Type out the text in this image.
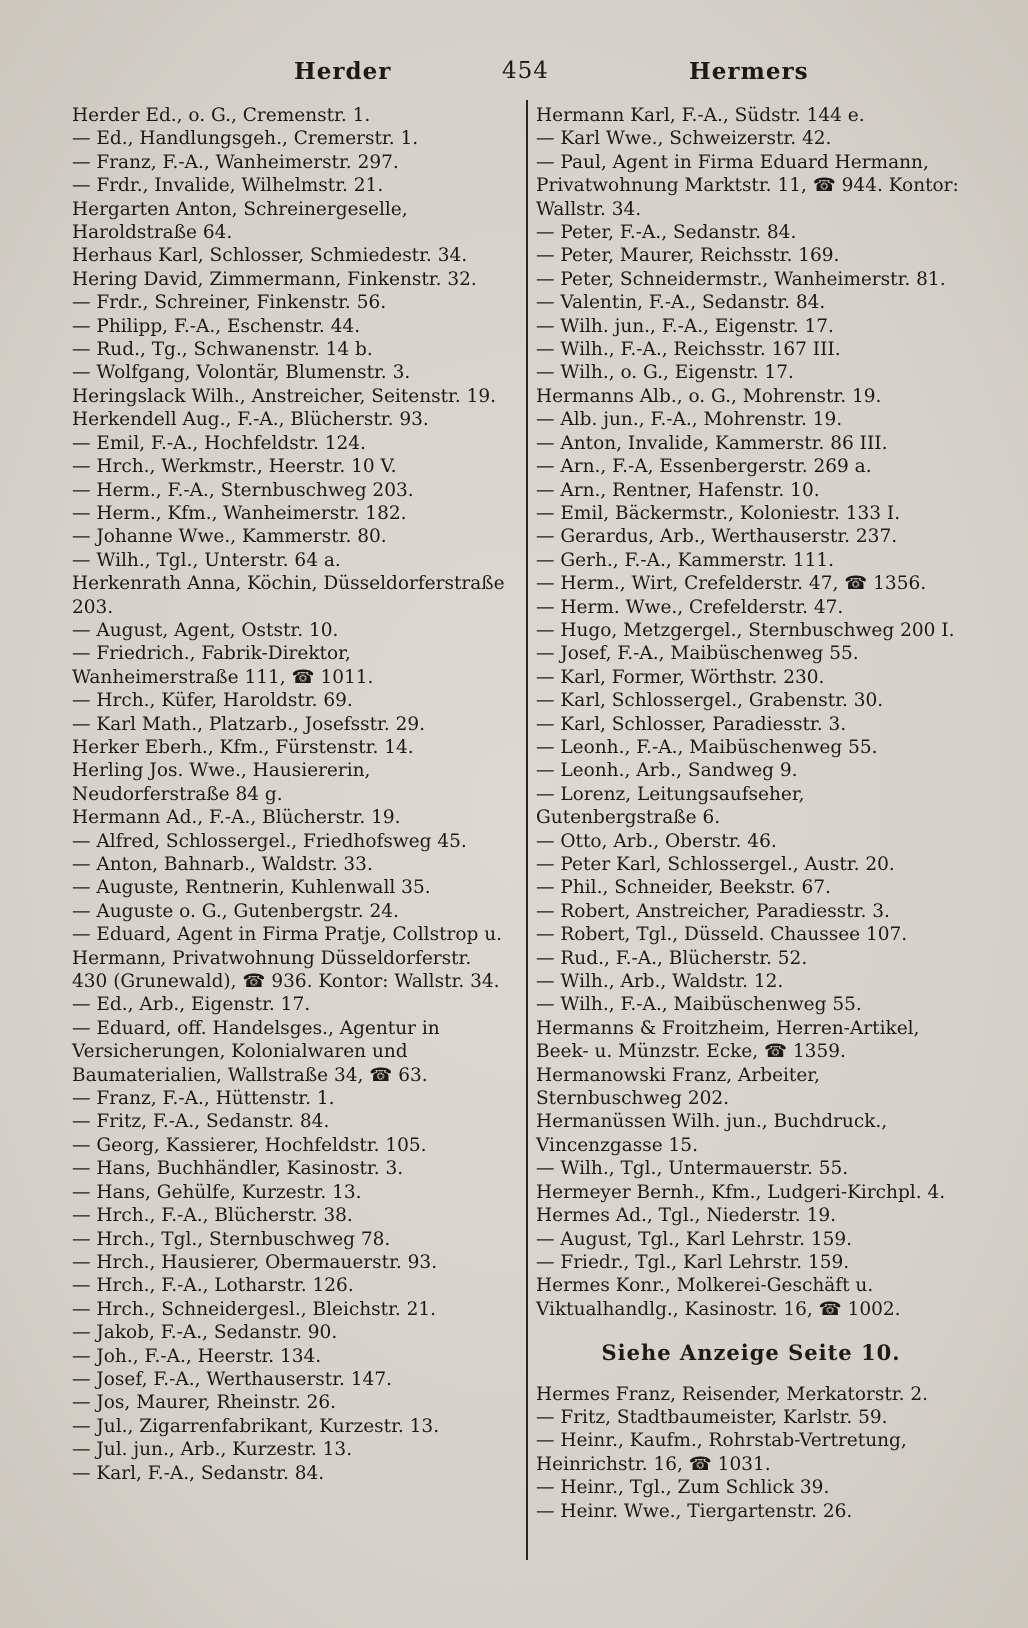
Herder	454	Hermers

Herder Ed., o. G., Cremenstr. 1.

— Ed., Handlungsgeh., Cremerstr. 1.

— Franz, F.-A., Wanheimerstr. 297.

— Frdr., Invalide, Wilhelmstr. 21.

Hergarten Anton, Schreinergeselle, Haroldstraße 64.

Herhaus Karl, Schlosser, Schmiedestr. 34.

Hering David, Zimmermann, Finkenstr. 32.

— Frdr., Schreiner, Finkenstr. 56.

— Philipp, F.-A., Eschenstr. 44.

— Rud., Tg., Schwanenstr. 14 b.

— Wolfgang, Volontär, Blumenstr. 3.

Heringslack Wilh., Anstreicher, Seitenstr. 19.

Herkendell Aug., F.-A., Blücherstr. 93.

— Emil, F.-A., Hochfeldstr. 124.

— Hrch., Werkmstr., Heerstr. 10 V.

— Herm., F.-A., Sternbuschweg 203.

— Herm., Kfm., Wanheimerstr. 182.

— Johanne Wwe., Kammerstr. 80.

— Wilh., Tgl., Unterstr. 64 a.

Herkenrath Anna, Köchin, Düsseldorferstraße 203.

— August, Agent, Oststr. 10.

— Friedrich., Fabrik-Direktor, Wanheimerstraße 111, ☎ 1011.

— Hrch., Küfer, Haroldstr. 69.

— Karl Math., Platzarb., Josefsstr. 29.

Herker Eberh., Kfm., Fürstenstr. 14.

Herling Jos. Wwe., Hausiererin, Neudorferstraße 84 g.

Hermann Ad., F.-A., Blücherstr. 19.

— Alfred, Schlossergel., Friedhofsweg 45.

— Anton, Bahnarb., Waldstr. 33.

— Auguste, Rentnerin, Kuhlenwall 35.

— Auguste o. G., Gutenbergstr. 24.

— Eduard, Agent in Firma Pratje, Collstrop u. Hermann, Privatwohnung Düsseldorferstr. 430 (Grunewald), ☎ 936. Kontor: Wallstr. 34.

— Ed., Arb., Eigenstr. 17.

— Eduard, off. Handelsges., Agentur in Versicherungen, Kolonialwaren und Baumaterialien, Wallstraße 34, ☎ 63.

— Franz, F.-A., Hüttenstr. 1.

— Fritz, F.-A., Sedanstr. 84.

— Georg, Kassierer, Hochfeldstr. 105.

— Hans, Buchhändler, Kasinostr. 3.

— Hans, Gehülfe, Kurzestr. 13.

— Hrch., F.-A., Blücherstr. 38.

— Hrch., Tgl., Sternbuschweg 78.

— Hrch., Hausierer, Obermauerstr. 93.

— Hrch., F.-A., Lotharstr. 126.

— Hrch., Schneidergesl., Bleichstr. 21.

— Jakob, F.-A., Sedanstr. 90.

— Joh., F.-A., Heerstr. 134.

— Josef, F.-A., Werthauserstr. 147.

— Jos, Maurer, Rheinstr. 26.

— Jul., Zigarrenfabrikant, Kurzestr. 13.

— Jul. jun., Arb., Kurzestr. 13.

— Karl, F.-A., Sedanstr. 84.

Hermann Karl, F.-A., Südstr. 144 e.

— Karl Wwe., Schweizerstr. 42.

— Paul, Agent in Firma Eduard Hermann, Privatwohnung Marktstr. 11, ☎ 944. Kontor: Wallstr. 34.

— Peter, F.-A., Sedanstr. 84.

— Peter, Maurer, Reichsstr. 169.

— Peter, Schneidermstr., Wanheimerstr. 81.

— Valentin, F.-A., Sedanstr. 84.

— Wilh. jun., F.-A., Eigenstr. 17.

— Wilh., F.-A., Reichsstr. 167 III.

— Wilh., o. G., Eigenstr. 17.

Hermanns Alb., o. G., Mohrenstr. 19.

— Alb. jun., F.-A., Mohrenstr. 19.

— Anton, Invalide, Kammerstr. 86 III.

— Arn., F.-A, Essenbergerstr. 269 a.

— Arn., Rentner, Hafenstr. 10.

— Emil, Bäckermstr., Koloniestr. 133 I.

— Gerardus, Arb., Werthauserstr. 237.

— Gerh., F.-A., Kammerstr. 111.

— Herm., Wirt, Crefelderstr. 47, ☎ 1356.

— Herm. Wwe., Crefelderstr. 47.

— Hugo, Metzgergel., Sternbuschweg 200 I.

— Josef, F.-A., Maibüschenweg 55.

— Karl, Former, Wörthstr. 230.

— Karl, Schlossergel., Grabenstr. 30.

— Karl, Schlosser, Paradiesstr. 3.

— Leonh., F.-A., Maibüschenweg 55.

— Leonh., Arb., Sandweg 9.

— Lorenz, Leitungsaufseher, Gutenbergstraße 6.

— Otto, Arb., Oberstr. 46.

— Peter Karl, Schlossergel., Austr. 20.

— Phil., Schneider, Beekstr. 67.

— Robert, Anstreicher, Paradiesstr. 3.

— Robert, Tgl., Düsseld. Chaussee 107.

— Rud., F.-A., Blücherstr. 52.

— Wilh., Arb., Waldstr. 12.

— Wilh., F.-A., Maibüschenweg 55.

Hermanns & Froitzheim, Herren-Artikel, Beek- u. Münzstr. Ecke, ☎ 1359.

Hermanowski Franz, Arbeiter, Sternbuschweg 202.

Hermanüssen Wilh. jun., Buchdruck., Vincenzgasse 15.

— Wilh., Tgl., Untermauerstr. 55.

Hermeyer Bernh., Kfm., Ludgeri-Kirchpl. 4.

Hermes Ad., Tgl., Niederstr. 19.

— August, Tgl., Karl Lehrstr. 159.

— Friedr., Tgl., Karl Lehrstr. 159.

Hermes Konr., Molkerei-Geschäft u. Viktualhandlg., Kasinostr. 16, ☎ 1002.

Siehe Anzeige Seite 10.

Hermes Franz, Reisender, Merkatorstr. 2.

— Fritz, Stadtbaumeister, Karlstr. 59.

— Heinr., Kaufm., Rohrstab-Vertretung, Heinrichstr. 16, ☎ 1031.

— Heinr., Tgl., Zum Schlick 39.

— Heinr. Wwe., Tiergartenstr. 26.
